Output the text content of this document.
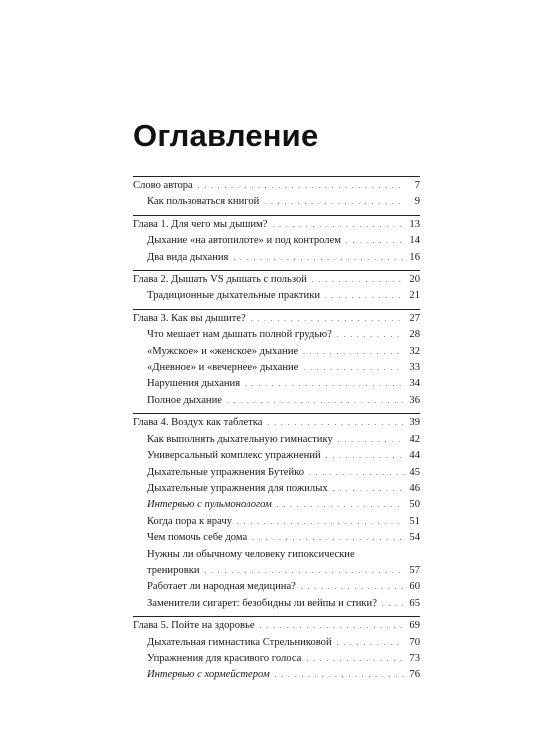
Оглавление
Слово автора . . .	7
Как пользоваться книгой . . .	9
Глава 1. Для чего мы дышим? . . .	13
Дыхание «на автопилоте» и под контролем . . .	14
Два вида дыхания . . .	16
Глава 2. Дышать VS дышать с пользой . . .	20
Традиционные дыхательные практики . . .	21
Глава 3. Как вы дышите? . . .	27
Что мешает нам дышать полной грудью? . . .	28
«Мужское» и «женское» дыхание . . .	32
«Дневное» и «вечернее» дыхание . . .	33
Нарушения дыхания . . .	34
Полное дыхание . . .	36
Глава 4. Воздух как таблетка . . .	39
Как выполнять дыхательную гимнастику . . .	42
Универсальный комплекс упражнений . . .	44
Дыхательные упражнения Бутейко . . .	45
Дыхательные упражнения для пожилых . . .	46
Интервью с пульмонологом . . .	50
Когда пора к врачу . . .	51
Чем помочь себе дома . . .	54
Нужны ли обычному человеку гипоксические
тренировки . . .	57
Работает ли народная медицина? . . .	60
Заменители сигарет: безобидны ли вейпы и стики? . . .	65
Глава 5. Пойте на здоровье . . .	69
Дыхательная гимнастика Стрельниковой . . .	70
Упражнения для красивого голоса . . .	73
Интервью с хормейстером . . .	76
